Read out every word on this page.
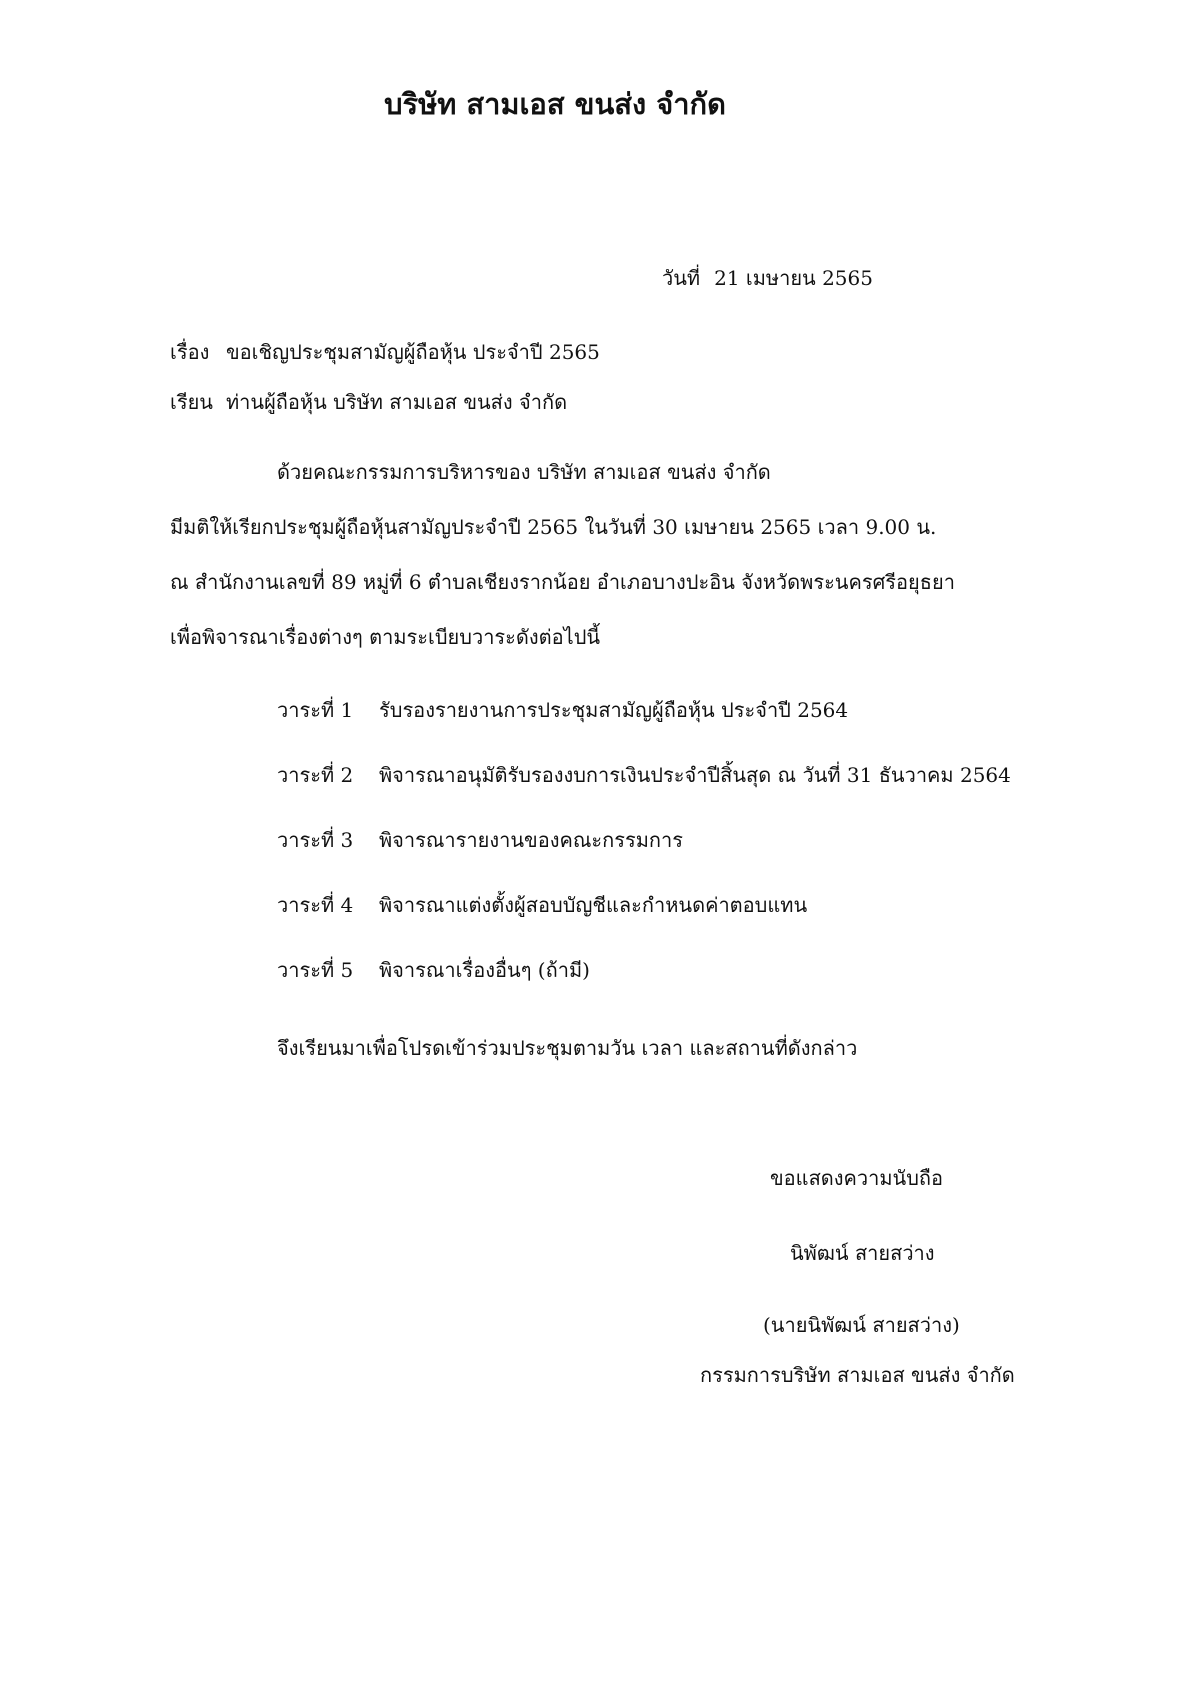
บริษัท สามเอส ขนส่ง จำกัด
วันที่ 21 เมษายน 2565
เรื่อง ขอเชิญประชุมสามัญผู้ถือหุ้น ประจำปี 2565
เรียน ท่านผู้ถือหุ้น บริษัท สามเอส ขนส่ง จำกัด
ด้วยคณะกรรมการบริหารของ บริษัท สามเอส ขนส่ง จำกัด
มีมติให้เรียกประชุมผู้ถือหุ้นสามัญประจำปี 2565 ในวันที่ 30 เมษายน 2565 เวลา 9.00 น.
ณ สำนักงานเลขที่ 89 หมู่ที่ 6 ตำบลเชียงรากน้อย อำเภอบางปะอิน จังหวัดพระนครศรีอยุธยา
เพื่อพิจารณาเรื่องต่างๆ ตามระเบียบวาระดังต่อไปนี้
วาระที่ 1 รับรองรายงานการประชุมสามัญผู้ถือหุ้น ประจำปี 2564
วาระที่ 2 พิจารณาอนุมัติรับรองงบการเงินประจำปีสิ้นสุด ณ วันที่ 31 ธันวาคม 2564
วาระที่ 3 พิจารณารายงานของคณะกรรมการ
วาระที่ 4 พิจารณาแต่งตั้งผู้สอบบัญชีและกำหนดค่าตอบแทน
วาระที่ 5 พิจารณาเรื่องอื่นๆ (ถ้ามี)
จึงเรียนมาเพื่อโปรดเข้าร่วมประชุมตามวัน เวลา และสถานที่ดังกล่าว
ขอแสดงความนับถือ
นิพัฒน์ สายสว่าง
(นายนิพัฒน์ สายสว่าง)
กรรมการบริษัท สามเอส ขนส่ง จำกัด
